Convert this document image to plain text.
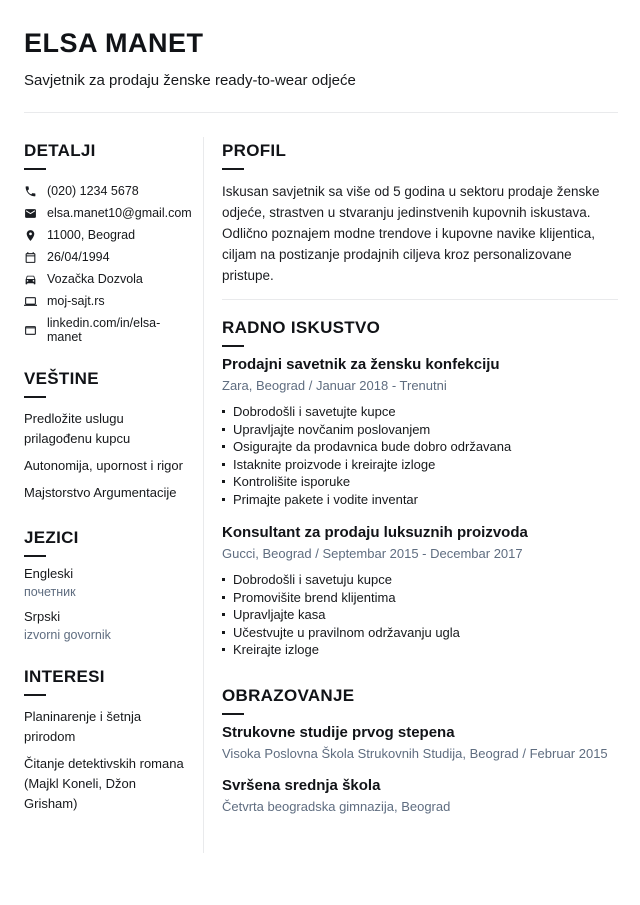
ELSA MANET
Savjetnik za prodaju ženske ready-to-wear odjeće
DETALJI
(020) 1234 5678
elsa.manet10@gmail.com
11000, Beograd
26/04/1994
Vozačka Dozvola
moj-sajt.rs
linkedin.com/in/elsa-manet
VEŠTINE
Predložite uslugu prilagođenu kupcu
Autonomija, upornost i rigor
Majstorstvo Argumentacije
JEZICI
Engleski
почетник
Srpski
izvorni govornik
INTERESI
Planinarenje i šetnja prirodom
Čitanje detektivskih romana (Majkl Koneli, Džon Grisham)
PROFIL
Iskusan savjetnik sa više od 5 godina u sektoru prodaje ženske odjeće, strastven u stvaranju jedinstvenih kupovnih iskustava. Odlično poznajem modne trendove i kupovne navike klijentica, ciljam na postizanje prodajnih ciljeva kroz personalizovane pristupe.
RADNO ISKUSTVO
Prodajni savetnik za žensku konfekciju
Zara, Beograd / Januar 2018 - Trenutni
Dobrodošli i savetujte kupce
Upravljajte novčanim poslovanjem
Osigurajte da prodavnica bude dobro održavana
Istaknite proizvode i kreirajte izloge
Kontrolišite isporuke
Primajte pakete i vodite inventar
Konsultant za prodaju luksuznih proizvoda
Gucci, Beograd / Septembar 2015 - Decembar 2017
Dobrodošli i savetuju kupce
Promovišite brend klijentima
Upravljajte kasa
Učestvujte u pravilnom održavanju ugla
Kreirajte izloge
OBRAZOVANJE
Strukovne studije prvog stepena
Visoka Poslovna Škola Strukovnih Studija, Beograd / Februar 2015
Svršena srednja škola
Četvrta beogradska gimnazija, Beograd
